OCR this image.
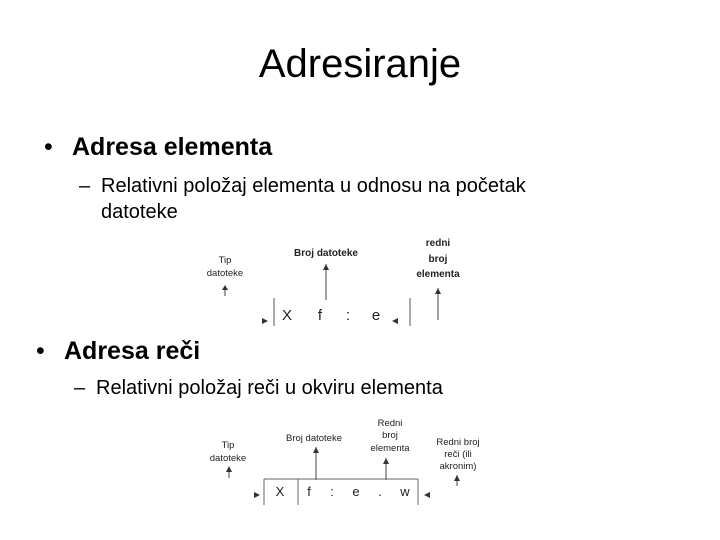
Adresiranje
• Adresa elementa
– Relativni položaj elementa u odnosu na početak
datoteke
Tip
datoteke
Broj datoteke
redni
broj
elementa
X f : e
• Adresa reči
– Relativni položaj reči u okviru elementa
Tip
datoteke
Broj datoteke
Redni
broj
elementa
Redni broj
reči (ili
akronim)
X f : e . w
